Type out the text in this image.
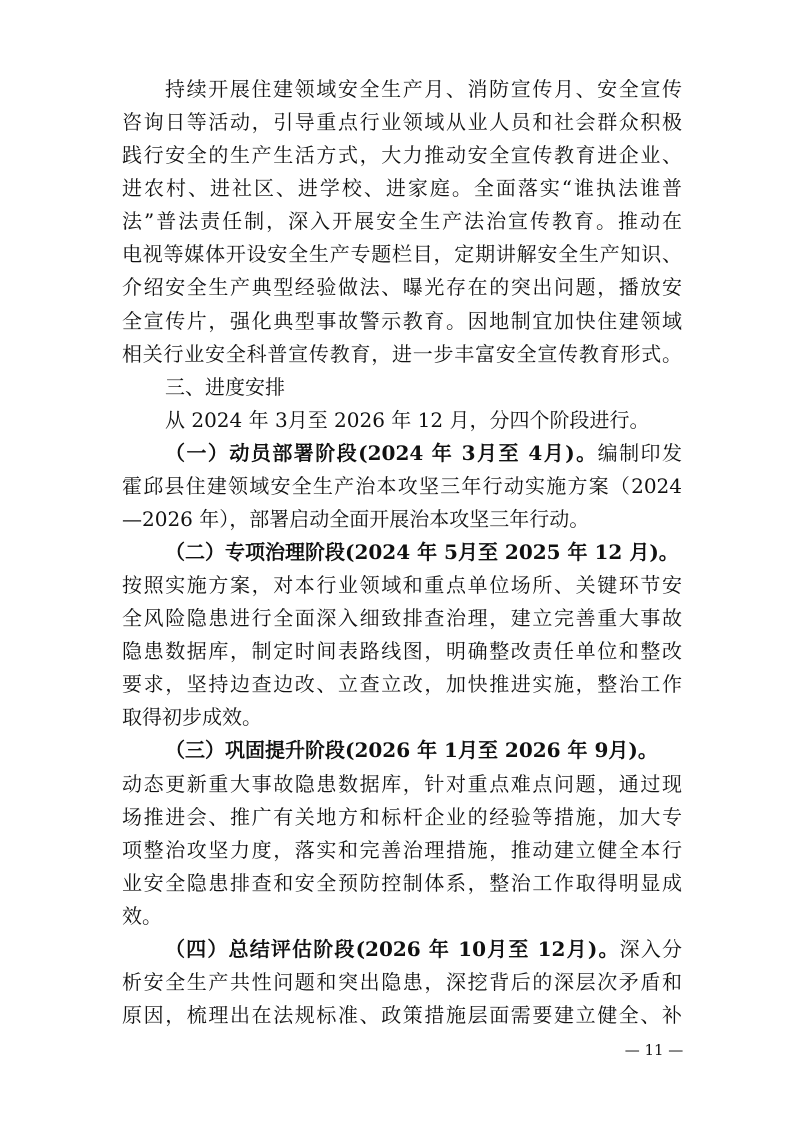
持续开展住建领域安全生产月、消防宣传月、安全宣传
咨询日等活动，引导重点行业领域从业人员和社会群众积极
践行安全的生产生活方式，大力推动安全宣传教育进企业、
进农村、进社区、进学校、进家庭。全面落实“谁执法谁普
法”普法责任制，深入开展安全生产法治宣传教育。推动在
电视等媒体开设安全生产专题栏目，定期讲解安全生产知识、
介绍安全生产典型经验做法、曝光存在的突出问题，播放安
全宣传片，强化典型事故警示教育。因地制宜加快住建领域
相关行业安全科普宣传教育，进一步丰富安全宣传教育形式。
三、进度安排
从 2024 年 3月至 2026 年 12 月，分四个阶段进行。
（一）动员部署阶段(2024 年 3月至 4月)。编制印发
霍邱县住建领域安全生产治本攻坚三年行动实施方案（2024
—2026 年），部署启动全面开展治本攻坚三年行动。
（二）专项治理阶段(2024 年 5月至 2025 年 12 月)。
按照实施方案，对本行业领域和重点单位场所、关键环节安
全风险隐患进行全面深入细致排查治理，建立完善重大事故
隐患数据库，制定时间表路线图，明确整改责任单位和整改
要求，坚持边查边改、立查立改，加快推进实施，整治工作
取得初步成效。
（三）巩固提升阶段(2026 年 1月至 2026 年 9月)。
动态更新重大事故隐患数据库，针对重点难点问题，通过现
场推进会、推广有关地方和标杆企业的经验等措施，加大专
项整治攻坚力度，落实和完善治理措施，推动建立健全本行
业安全隐患排查和安全预防控制体系，整治工作取得明显成
效。
（四）总结评估阶段(2026 年 10月至 12月)。深入分
析安全生产共性问题和突出隐患，深挖背后的深层次矛盾和
原因，梳理出在法规标准、政策措施层面需要建立健全、补
— 11 —
